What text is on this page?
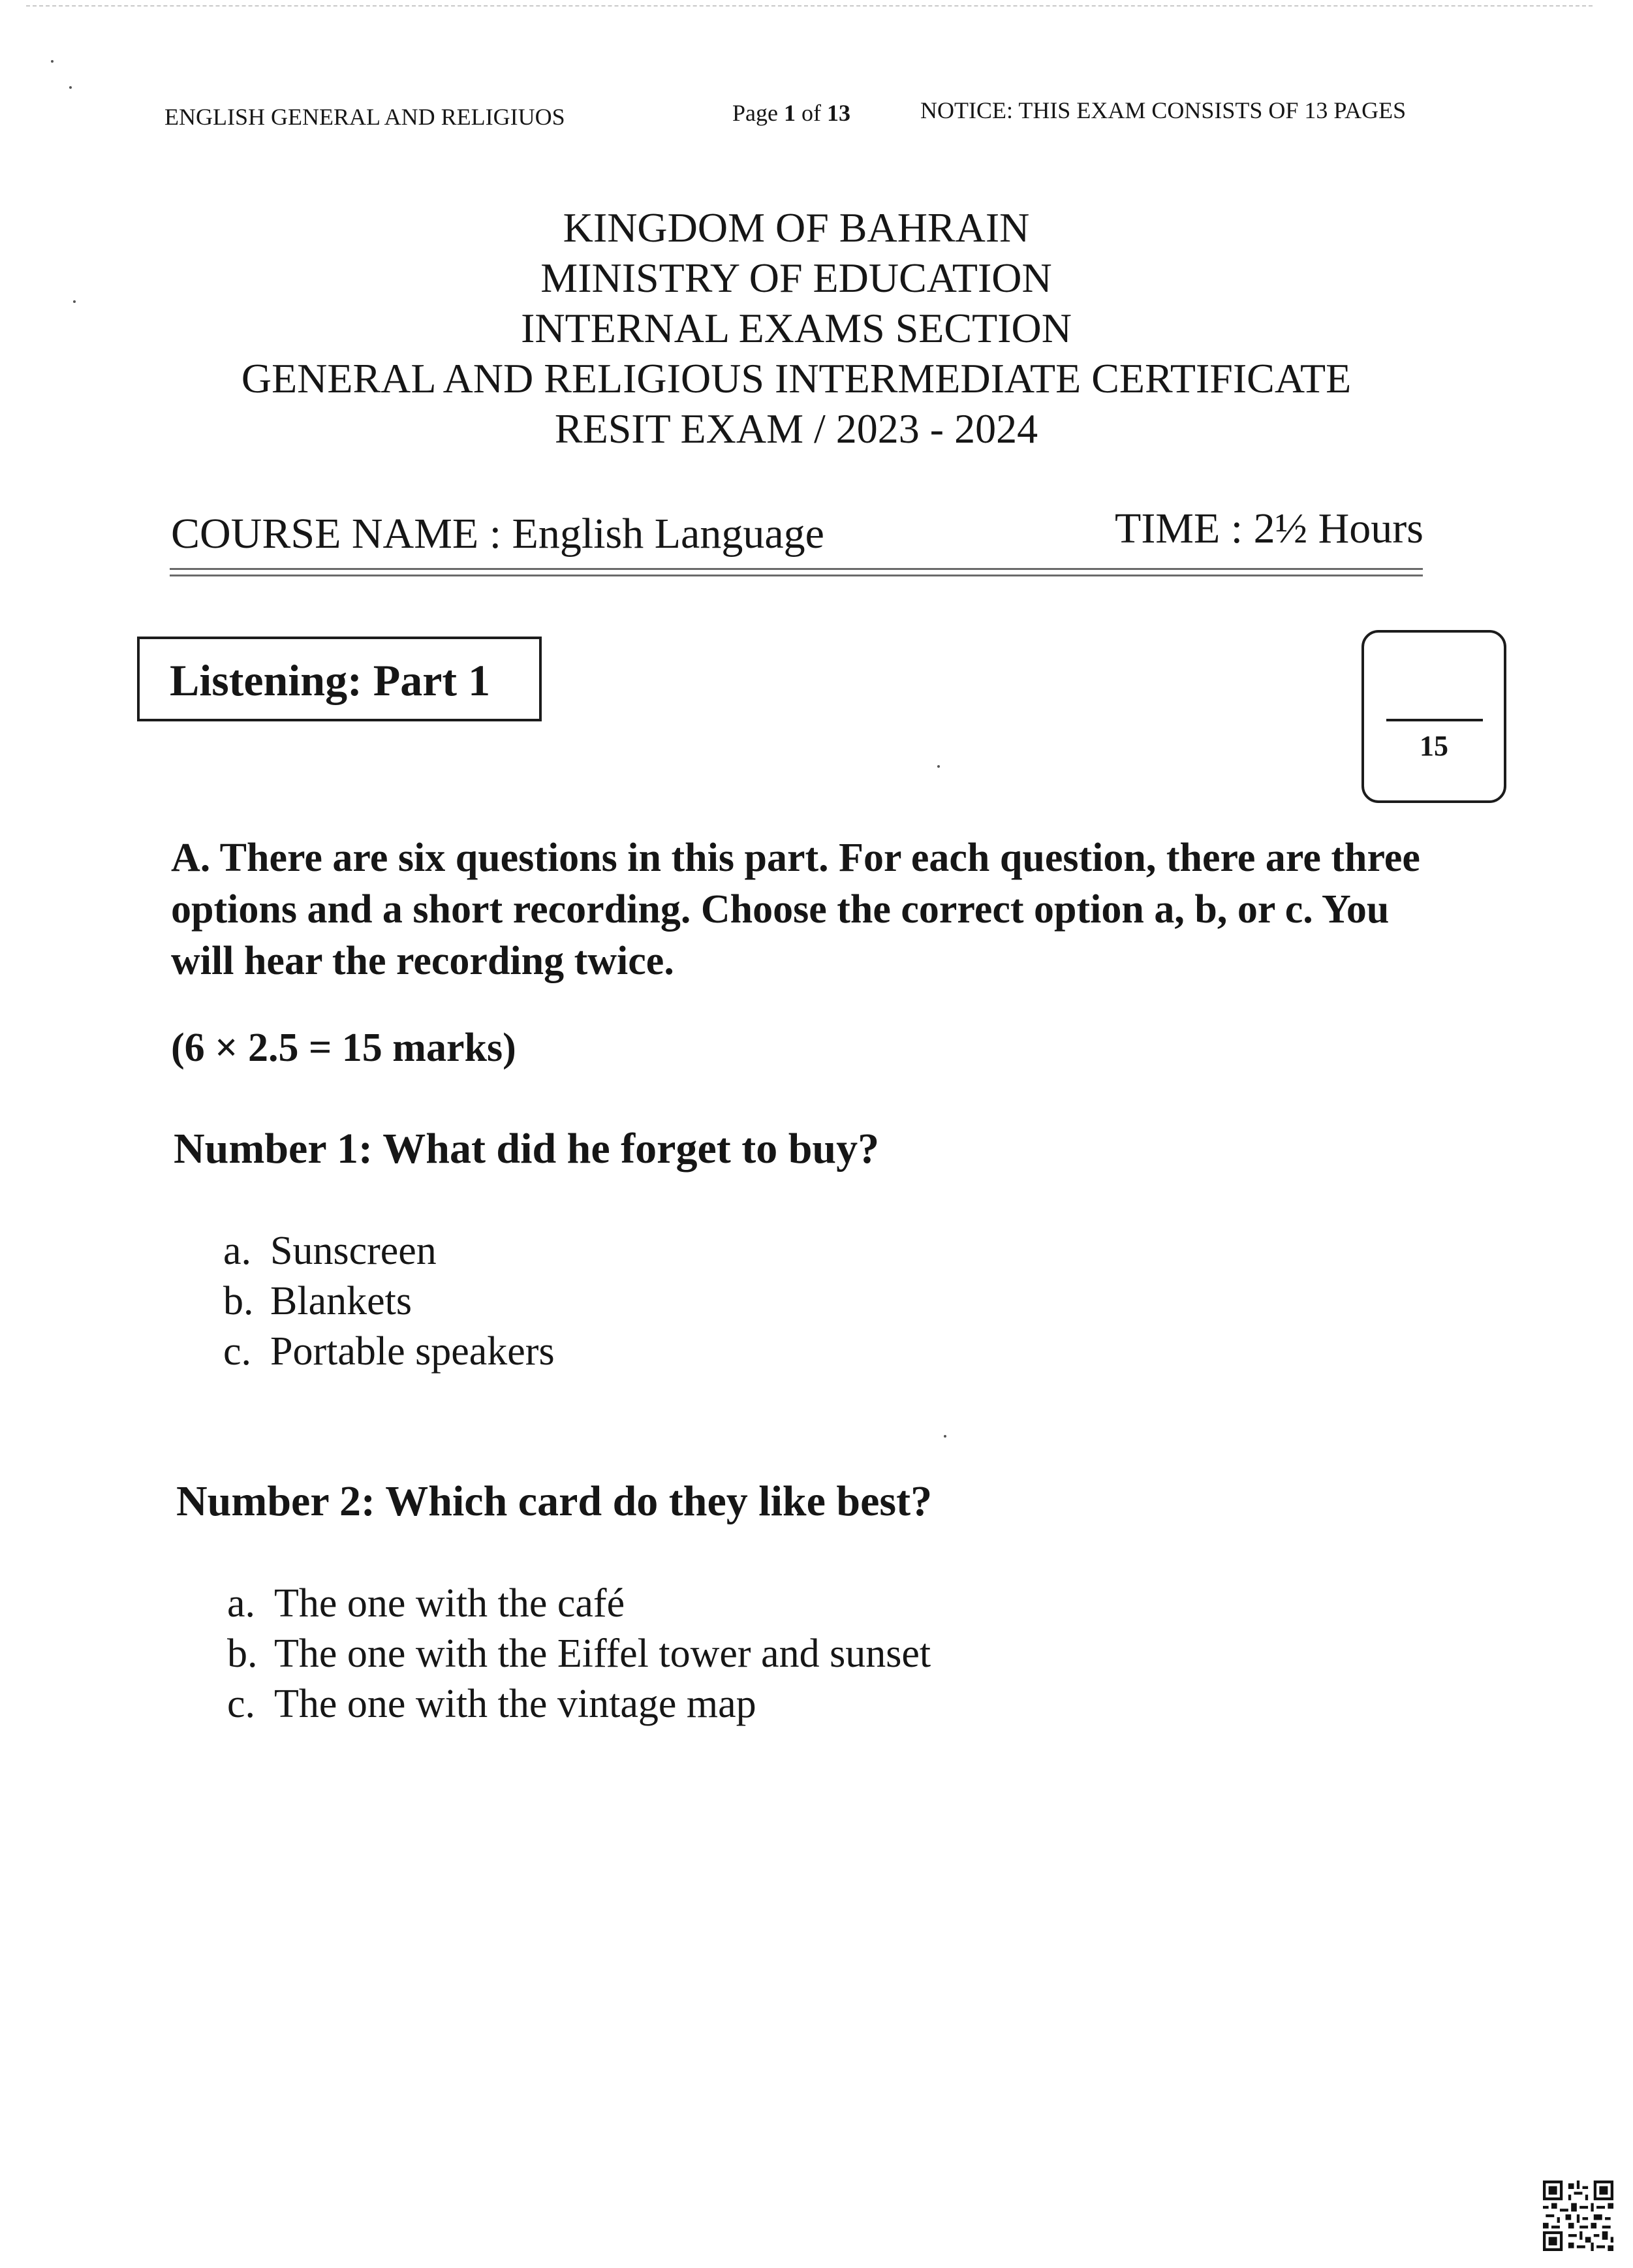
ENGLISH GENERAL AND RELIGIUOS	Page 1 of 13	NOTICE: THIS EXAM CONSISTS OF 13 PAGES
KINGDOM OF BAHRAIN
MINISTRY OF EDUCATION
INTERNAL EXAMS SECTION
GENERAL AND RELIGIOUS INTERMEDIATE CERTIFICATE
RESIT EXAM / 2023 - 2024
COURSE NAME : English Language	TIME : 2½ Hours
Listening: Part 1
15
A. There are six questions in this part. For each question, there are three options and a short recording. Choose the correct option a, b, or c. You will hear the recording twice.
(6 × 2.5 = 15 marks)
Number 1: What did he forget to buy?
a. Sunscreen
b. Blankets
c. Portable speakers
Number 2: Which card do they like best?
a. The one with the café
b. The one with the Eiffel tower and sunset
c. The one with the vintage map
